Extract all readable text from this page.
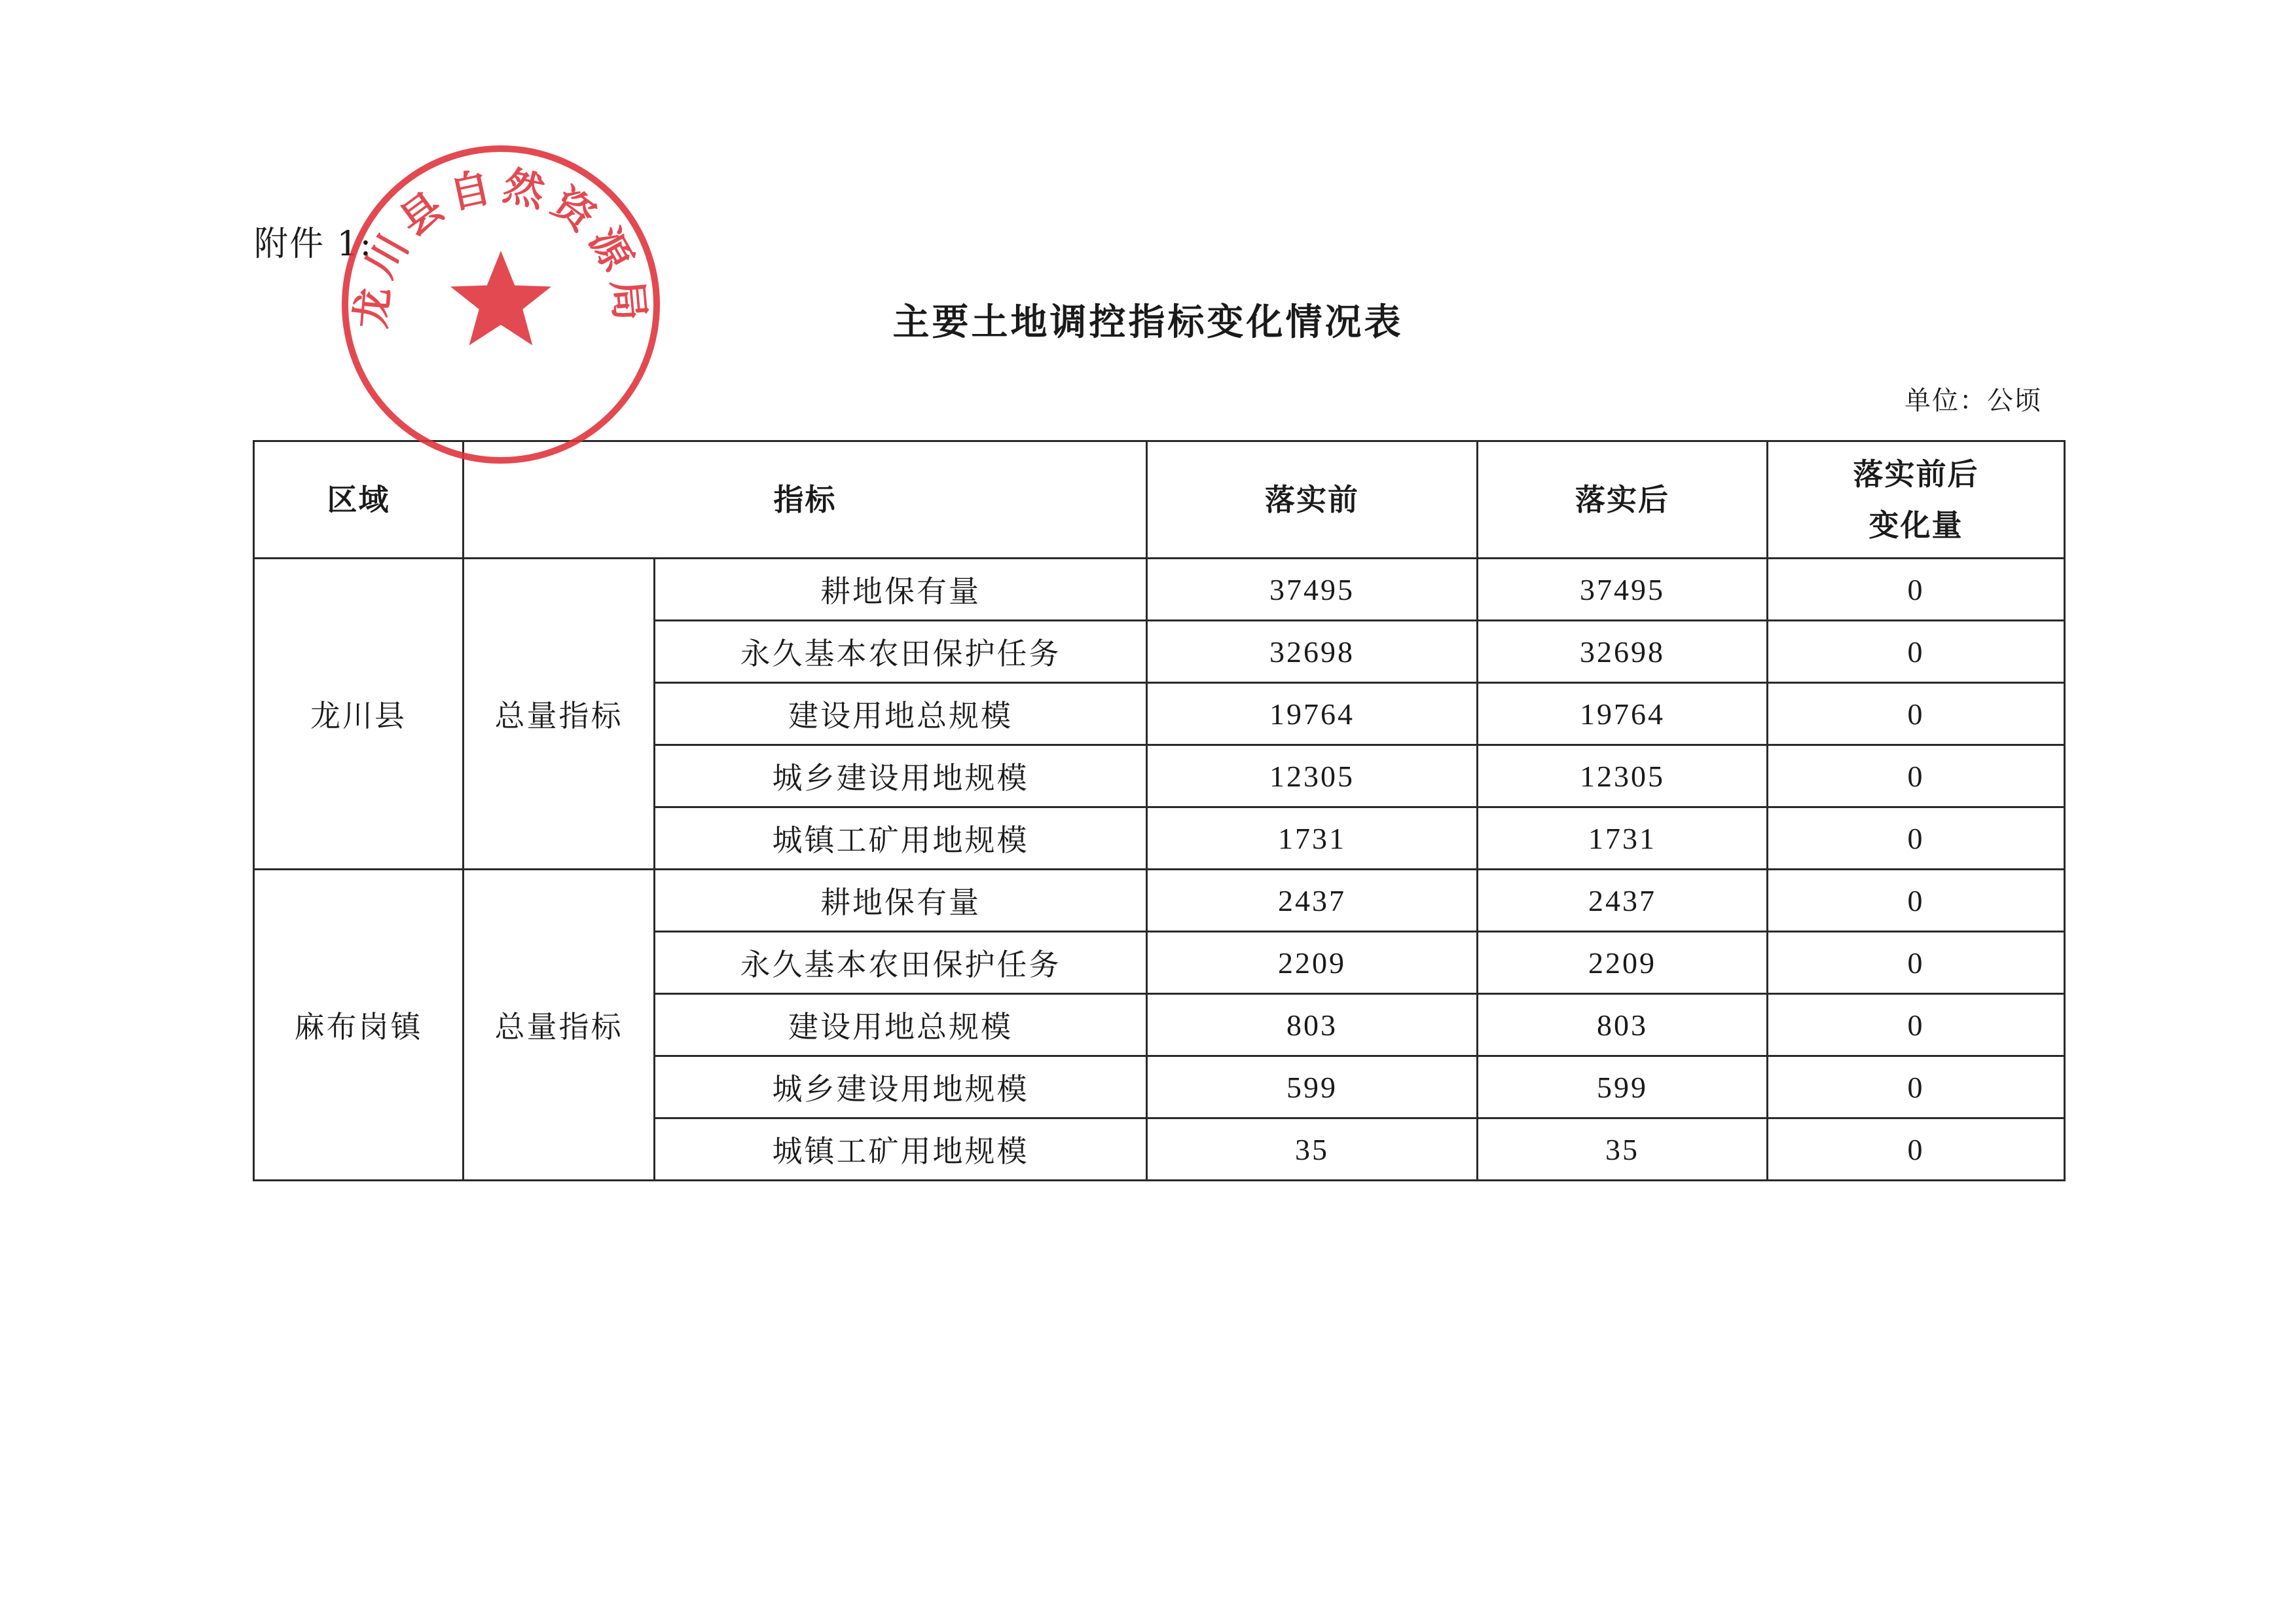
附件 1:
主要土地调控指标变化情况表
单位：公顷
区域	指标		落实前	落实后	落实前后
变化量

龙川县	总量指标	耕地保有量	37495	37495	0
		永久基本农田保护任务	32698	32698	0
		建设用地总规模	19764	19764	0
		城乡建设用地规模	12305	12305	0
		城镇工矿用地规模	1731	1731	0
麻布岗镇	总量指标	耕地保有量	2437	2437	0
		永久基本农田保护任务	2209	2209	0
		建设用地总规模	803	803	0
		城乡建设用地规模	599	599	0
		城镇工矿用地规模	35	35	0
龙川县自然资源局
